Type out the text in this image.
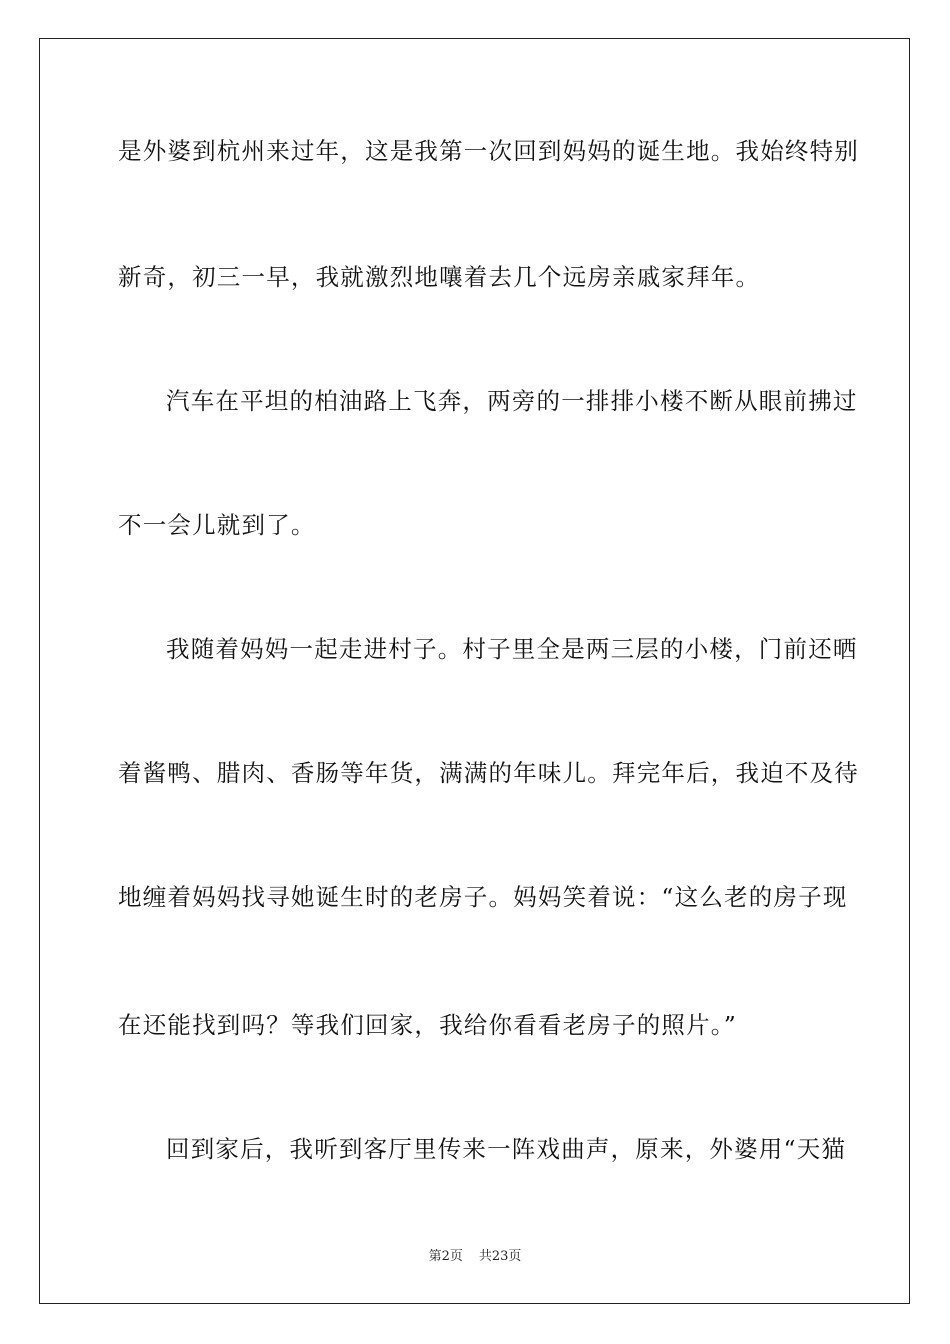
是外婆到杭州来过年，这是我第一次回到妈妈的诞生地。我始终特别
新奇，初三一早，我就激烈地嚷着去几个远房亲戚家拜年。
汽车在平坦的柏油路上飞奔，两旁的一排排小楼不断从眼前拂过
不一会儿就到了。
我随着妈妈一起走进村子。村子里全是两三层的小楼，门前还晒
着酱鸭、腊肉、香肠等年货，满满的年味儿。拜完年后，我迫不及待
地缠着妈妈找寻她诞生时的老房子。妈妈笑着说：“这么老的房子现
在还能找到吗？等我们回家，我给你看看老房子的照片。”
回到家后，我听到客厅里传来一阵戏曲声，原来，外婆用“天猫
第2页 共23页
